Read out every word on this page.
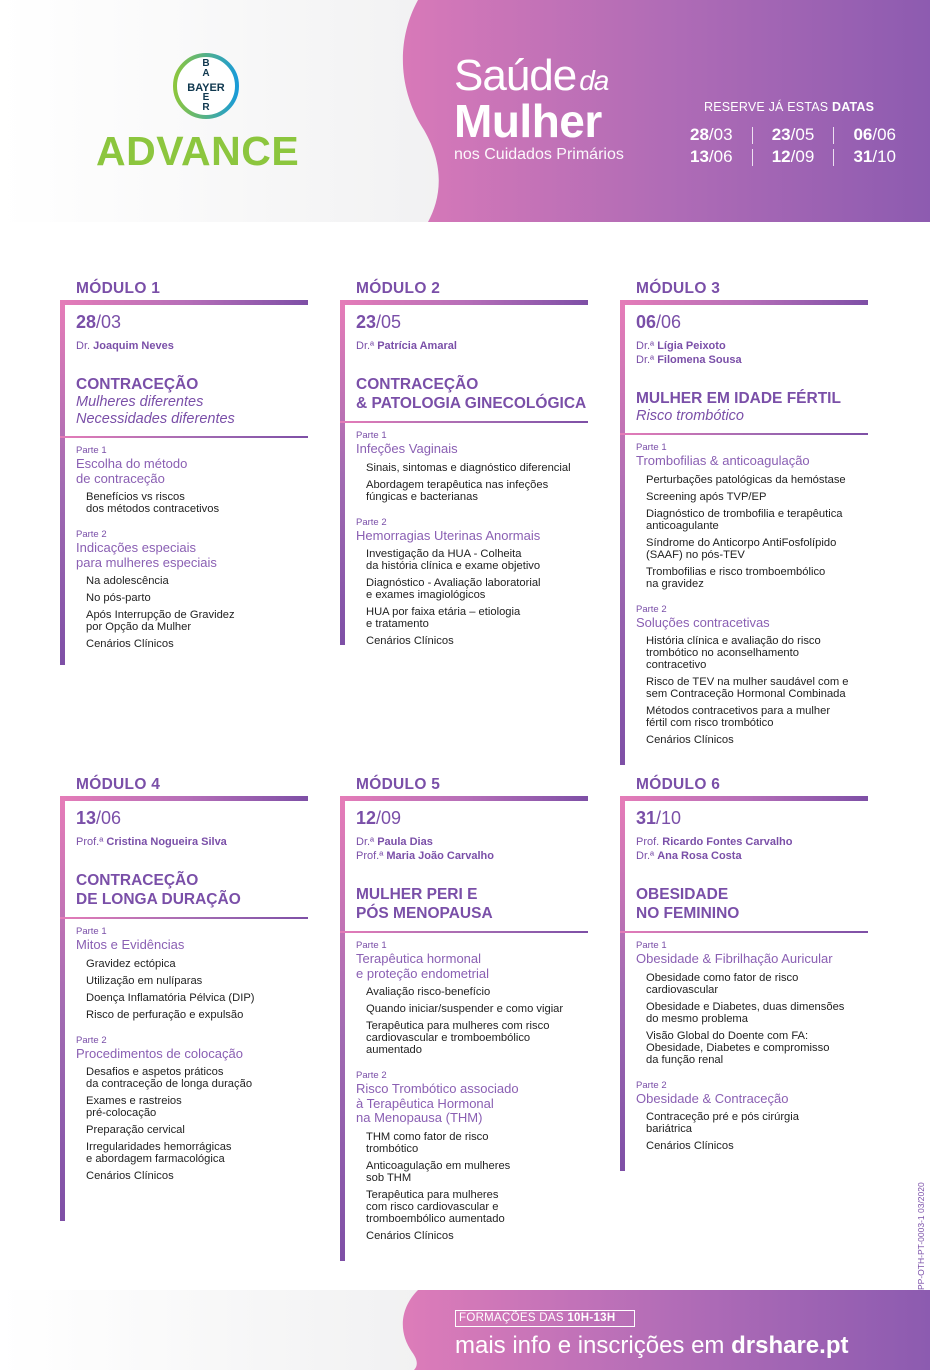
BAYER
B
A
E
R
ADVANCE
Saúde da
Mulher
nos Cuidados Primários
RESERVE JÁ ESTAS DATAS
28/03 23/05 06/06
13/06 12/09 31/10
MÓDULO 1
28/03
Dr. Joaquim Neves
CONTRACEÇÃO
Mulheres diferentes
Necessidades diferentes
Parte 1
Escolha do método
de contraceção
Benefícios vs riscos
dos métodos contracetivos
Parte 2
Indicações especiais
para mulheres especiais
Na adolescência
No pós-parto
Após Interrupção de Gravidez
por Opção da Mulher
Cenários Clínicos
MÓDULO 2
23/05
Dr.ª Patrícia Amaral
CONTRACEÇÃO
& PATOLOGIA GINECOLÓGICA
Parte 1
Infeções Vaginais
Sinais, sintomas e diagnóstico diferencial
Abordagem terapêutica nas infeções
fúngicas e bacterianas
Parte 2
Hemorragias Uterinas Anormais
Investigação da HUA - Colheita
da história clínica e exame objetivo
Diagnóstico - Avaliação laboratorial
e exames imagiológicos
HUA por faixa etária – etiologia
e tratamento
Cenários Clínicos
MÓDULO 3
06/06
Dr.ª Lígia Peixoto
Dr.ª Filomena Sousa
MULHER EM IDADE FÉRTIL
Risco trombótico
Parte 1
Trombofilias & anticoagulação
Perturbações patológicas da hemóstase
Screening após TVP/EP
Diagnóstico de trombofilia e terapêutica
anticoagulante
Síndrome do Anticorpo AntiFosfolípido
(SAAF) no pós-TEV
Trombofilias e risco tromboembólico
na gravidez
Parte 2
Soluções contracetivas
História clínica e avaliação do risco
trombótico no aconselhamento
contracetivo
Risco de TEV na mulher saudável com e
sem Contraceção Hormonal Combinada
Métodos contracetivos para a mulher
fértil com risco trombótico
Cenários Clínicos
MÓDULO 4
13/06
Prof.ª Cristina Nogueira Silva
CONTRACEÇÃO
DE LONGA DURAÇÃO
Parte 1
Mitos e Evidências
Gravidez ectópica
Utilização em nulíparas
Doença Inflamatória Pélvica (DIP)
Risco de perfuração e expulsão
Parte 2
Procedimentos de colocação
Desafios e aspetos práticos
da contraceção de longa duração
Exames e rastreios
pré-colocação
Preparação cervical
Irregularidades hemorrágicas
e abordagem farmacológica
Cenários Clínicos
MÓDULO 5
12/09
Dr.ª Paula Dias
Prof.ª Maria João Carvalho
MULHER PERI E
PÓS MENOPAUSA
Parte 1
Terapêutica hormonal
e proteção endometrial
Avaliação risco-benefício
Quando iniciar/suspender e como vigiar
Terapêutica para mulheres com risco
cardiovascular e tromboembólico
aumentado
Parte 2
Risco Trombótico associado
à Terapêutica Hormonal
na Menopausa (THM)
THM como fator de risco
trombótico
Anticoagulação em mulheres
sob THM
Terapêutica para mulheres
com risco cardiovascular e
tromboembólico aumentado
Cenários Clínicos
MÓDULO 6
31/10
Prof. Ricardo Fontes Carvalho
Dr.ª Ana Rosa Costa
OBESIDADE
NO FEMININO
Parte 1
Obesidade & Fibrilhação Auricular
Obesidade como fator de risco
cardiovascular
Obesidade e Diabetes, duas dimensões
do mesmo problema
Visão Global do Doente com FA:
Obesidade, Diabetes e compromisso
da função renal
Parte 2
Obesidade & Contraceção
Contraceção pré e pós cirúrgia
bariátrica
Cenários Clínicos
PP-OTH-PT-0003-1 03/2020
FORMAÇÕES DAS 10H-13H
mais info e inscrições em drshare.pt
